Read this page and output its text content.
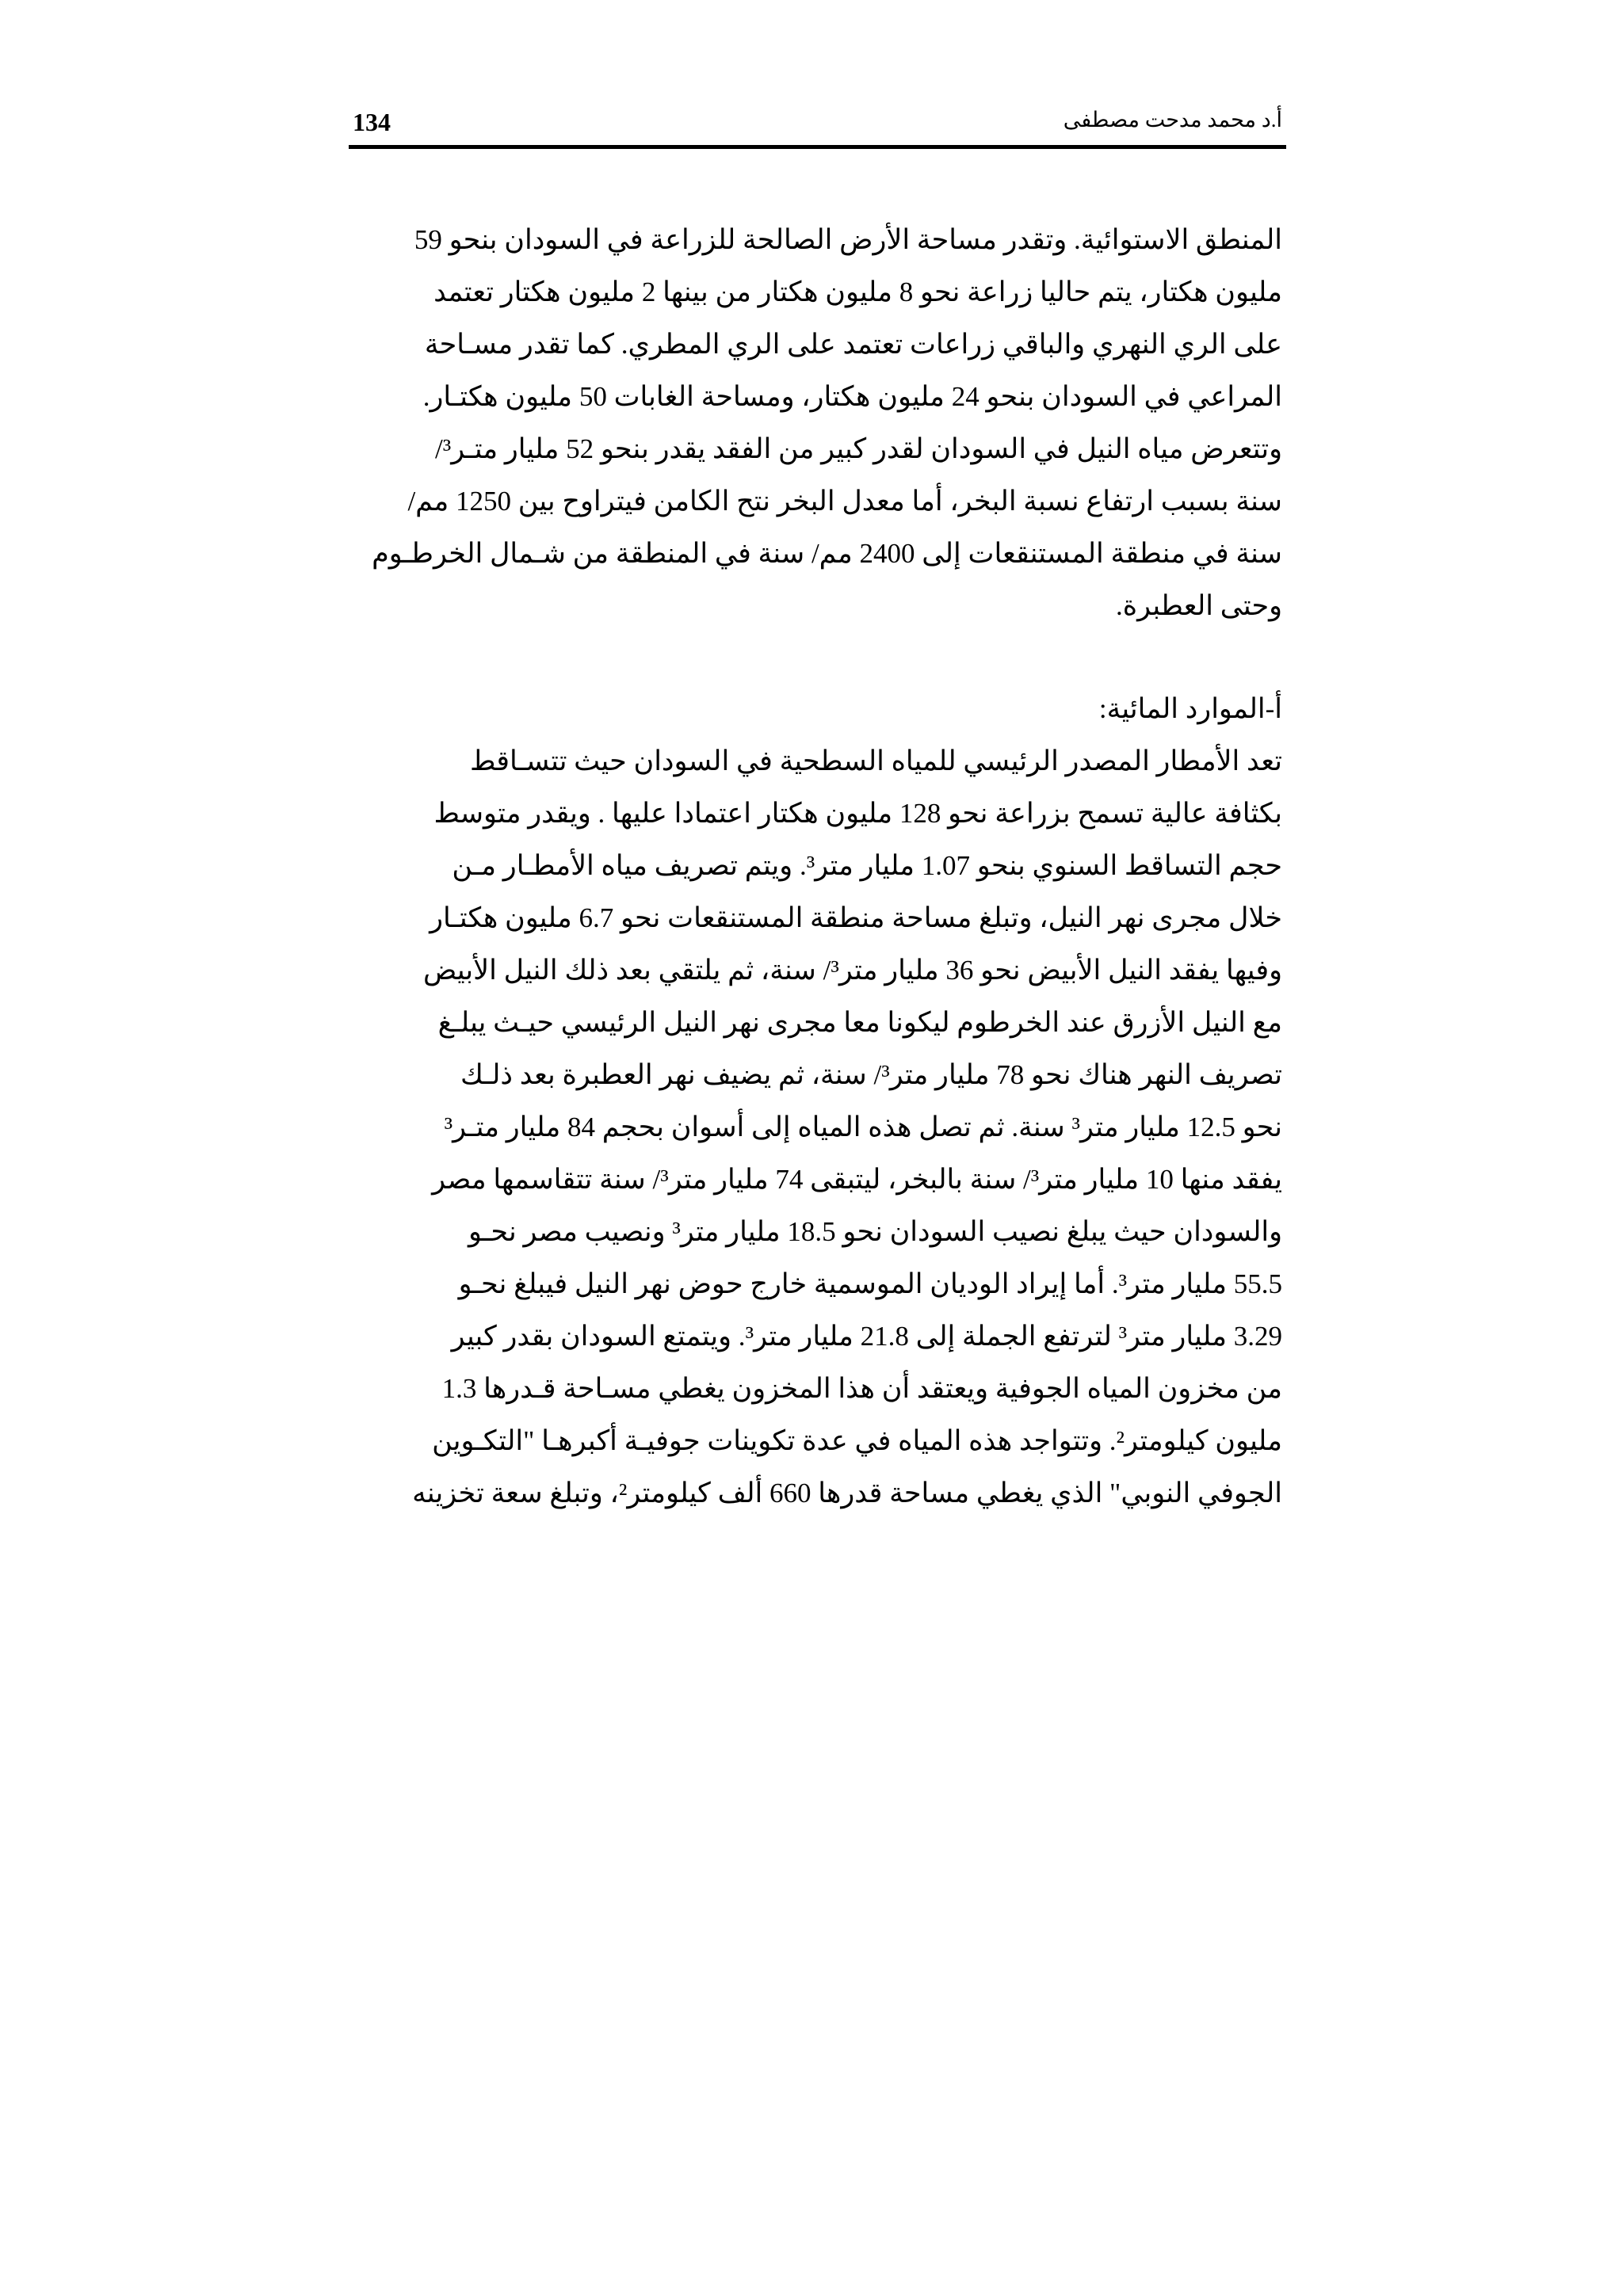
134	أ.د محمد مدحت مصطفى
المنطق الاستوائية. وتقدر مساحة الأرض الصالحة للزراعة في السودان بنحو 59
مليون هكتار، يتم حاليا زراعة نحو 8 مليون هكتار من بينها 2 مليون هكتار تعتمد
على الري النهري والباقي زراعات تعتمد على الري المطري. كما تقدر مسـاحة
المراعي في السودان بنحو 24 مليون هكتار، ومساحة الغابات 50 مليون هكتـار.
وتتعرض مياه النيل في السودان لقدر كبير من الفقد يقدر بنحو 52 مليار متـر³/
سنة بسبب ارتفاع نسبة البخر، أما معدل البخر نتح الكامن فيتراوح بين 1250 مم/
سنة في منطقة المستنقعات إلى 2400 مم/ سنة في المنطقة من شـمال الخرطـوم
وحتى العطبرة.
أ-الموارد المائية:
تعد الأمطار المصدر الرئيسي للمياه السطحية في السودان حيث تتسـاقط
بكثافة عالية تسمح بزراعة نحو 128 مليون هكتار اعتمادا عليها . ويقدر متوسط
حجم التساقط السنوي بنحو 1.07 مليار متر³. ويتم تصريف مياه الأمطـار مـن
خلال مجرى نهر النيل، وتبلغ مساحة منطقة المستنقعات نحو 6.7 مليون هكتـار
وفيها يفقد النيل الأبيض نحو 36 مليار متر³/ سنة، ثم يلتقي بعد ذلك النيل الأبيض
مع النيل الأزرق عند الخرطوم ليكونا معا مجرى نهر النيل الرئيسي حيـث يبلـغ
تصريف النهر هناك نحو 78 مليار متر³/ سنة، ثم يضيف نهر العطبرة بعد ذلـك
نحو 12.5 مليار متر³ سنة. ثم تصل هذه المياه إلى أسوان بحجم 84 مليار متـر³
يفقد منها 10 مليار متر³/ سنة بالبخر، ليتبقى 74 مليار متر³/ سنة تتقاسمها مصر
والسودان حيث يبلغ نصيب السودان نحو 18.5 مليار متر³ ونصيب مصر نحـو
55.5 مليار متر³. أما إيراد الوديان الموسمية خارج حوض نهر النيل فيبلغ نحـو
3.29 مليار متر³ لترتفع الجملة إلى 21.8 مليار متر³. ويتمتع السودان بقدر كبير
من مخزون المياه الجوفية ويعتقد أن هذا المخزون يغطي مسـاحة قـدرها 1.3
مليون كيلومتر². وتتواجد هذه المياه في عدة تكوينات جوفيـة أكبرهـا "التكـوين
الجوفي النوبي" الذي يغطي مساحة قدرها 660 ألف كيلومتر²، وتبلغ سعة تخزينه
